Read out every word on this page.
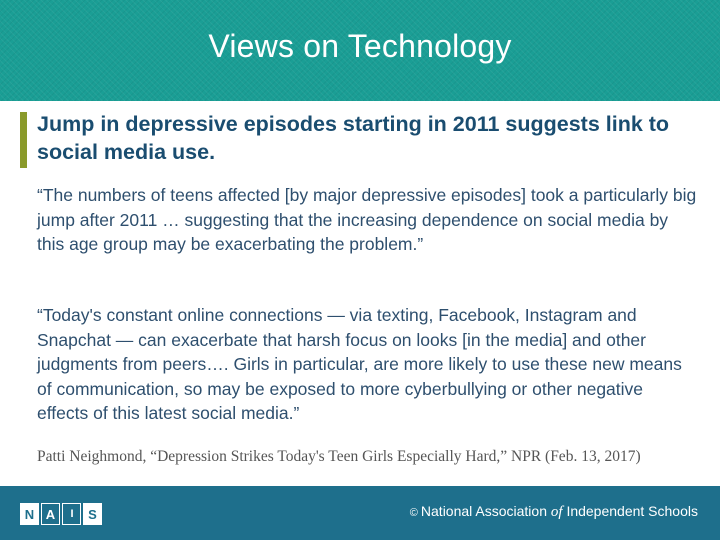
Views on Technology
Jump in depressive episodes starting in 2011 suggests link to social media use.

“The numbers of teens affected [by major depressive episodes] took a particularly big jump after 2011 … suggesting that the increasing dependence on social media by this age group may be exacerbating the problem.”

“Today's constant online connections — via texting, Facebook, Instagram and Snapchat — can exacerbate that harsh focus on looks [in the media] and other judgments from peers…. Girls in particular, are more likely to use these new means of communication, so may be exposed to more cyberbullying or other negative effects of this latest social media.”

Patti Neighmond, “Depression Strikes Today's Teen Girls Especially Hard,” NPR (Feb. 13, 2017)

N A	I	S	© National Association of Independent Schools
